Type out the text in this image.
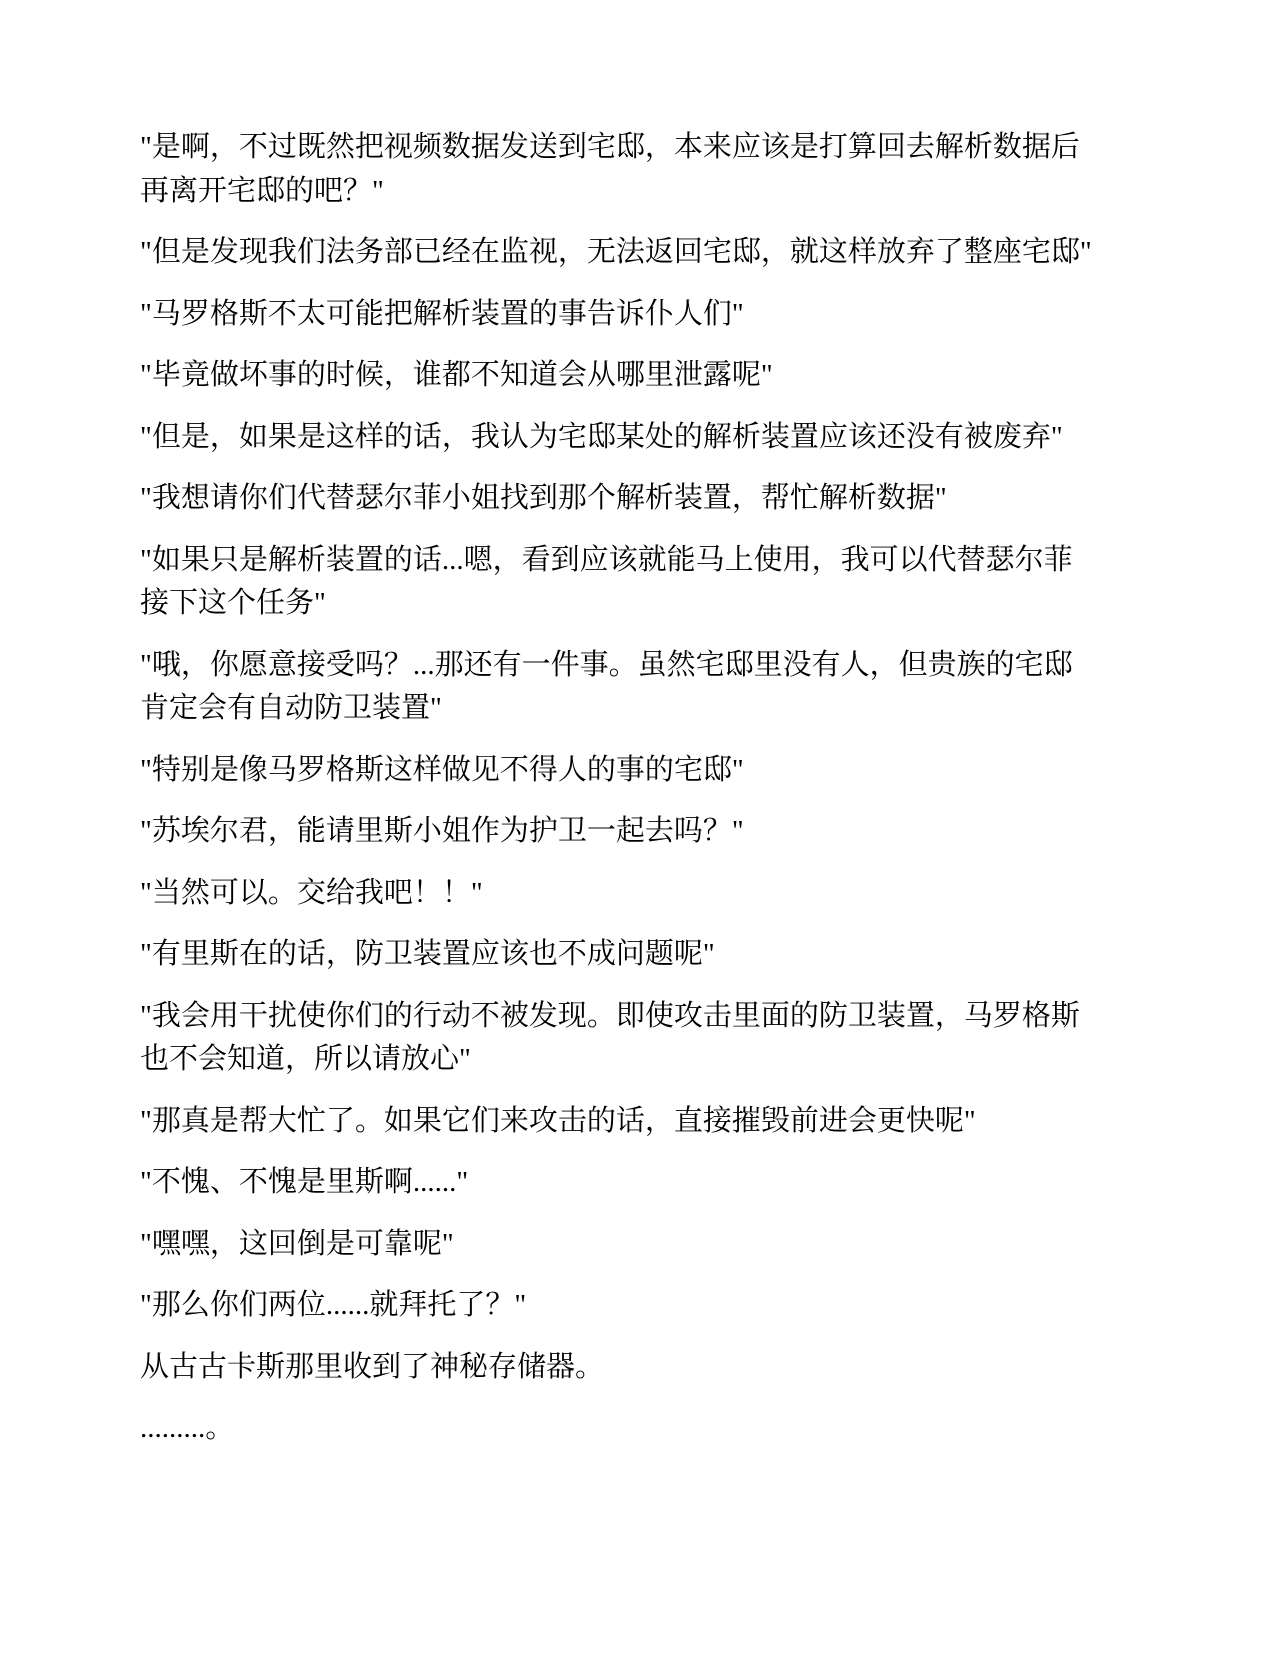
"是啊，不过既然把视频数据发送到宅邸，本来应该是打算回去解析数据后再离开宅邸的吧？"

"但是发现我们法务部已经在监视，无法返回宅邸，就这样放弃了整座宅邸"

"马罗格斯不太可能把解析装置的事告诉仆人们"

"毕竟做坏事的时候，谁都不知道会从哪里泄露呢"

"但是，如果是这样的话，我认为宅邸某处的解析装置应该还没有被废弃"

"我想请你们代替瑟尔菲小姐找到那个解析装置，帮忙解析数据"

"如果只是解析装置的话...嗯，看到应该就能马上使用，我可以代替瑟尔菲接下这个任务"

"哦，你愿意接受吗？...那还有一件事。虽然宅邸里没有人，但贵族的宅邸肯定会有自动防卫装置"

"特别是像马罗格斯这样做见不得人的事的宅邸"

"苏埃尔君，能请里斯小姐作为护卫一起去吗？"

"当然可以。交给我吧！！"

"有里斯在的话，防卫装置应该也不成问题呢"

"我会用干扰使你们的行动不被发现。即使攻击里面的防卫装置，马罗格斯也不会知道，所以请放心"

"那真是帮大忙了。如果它们来攻击的话，直接摧毁前进会更快呢"

"不愧、不愧是里斯啊......"

"嘿嘿，这回倒是可靠呢"

"那么你们两位......就拜托了？"

从古古卡斯那里收到了神秘存储器。

.........。
